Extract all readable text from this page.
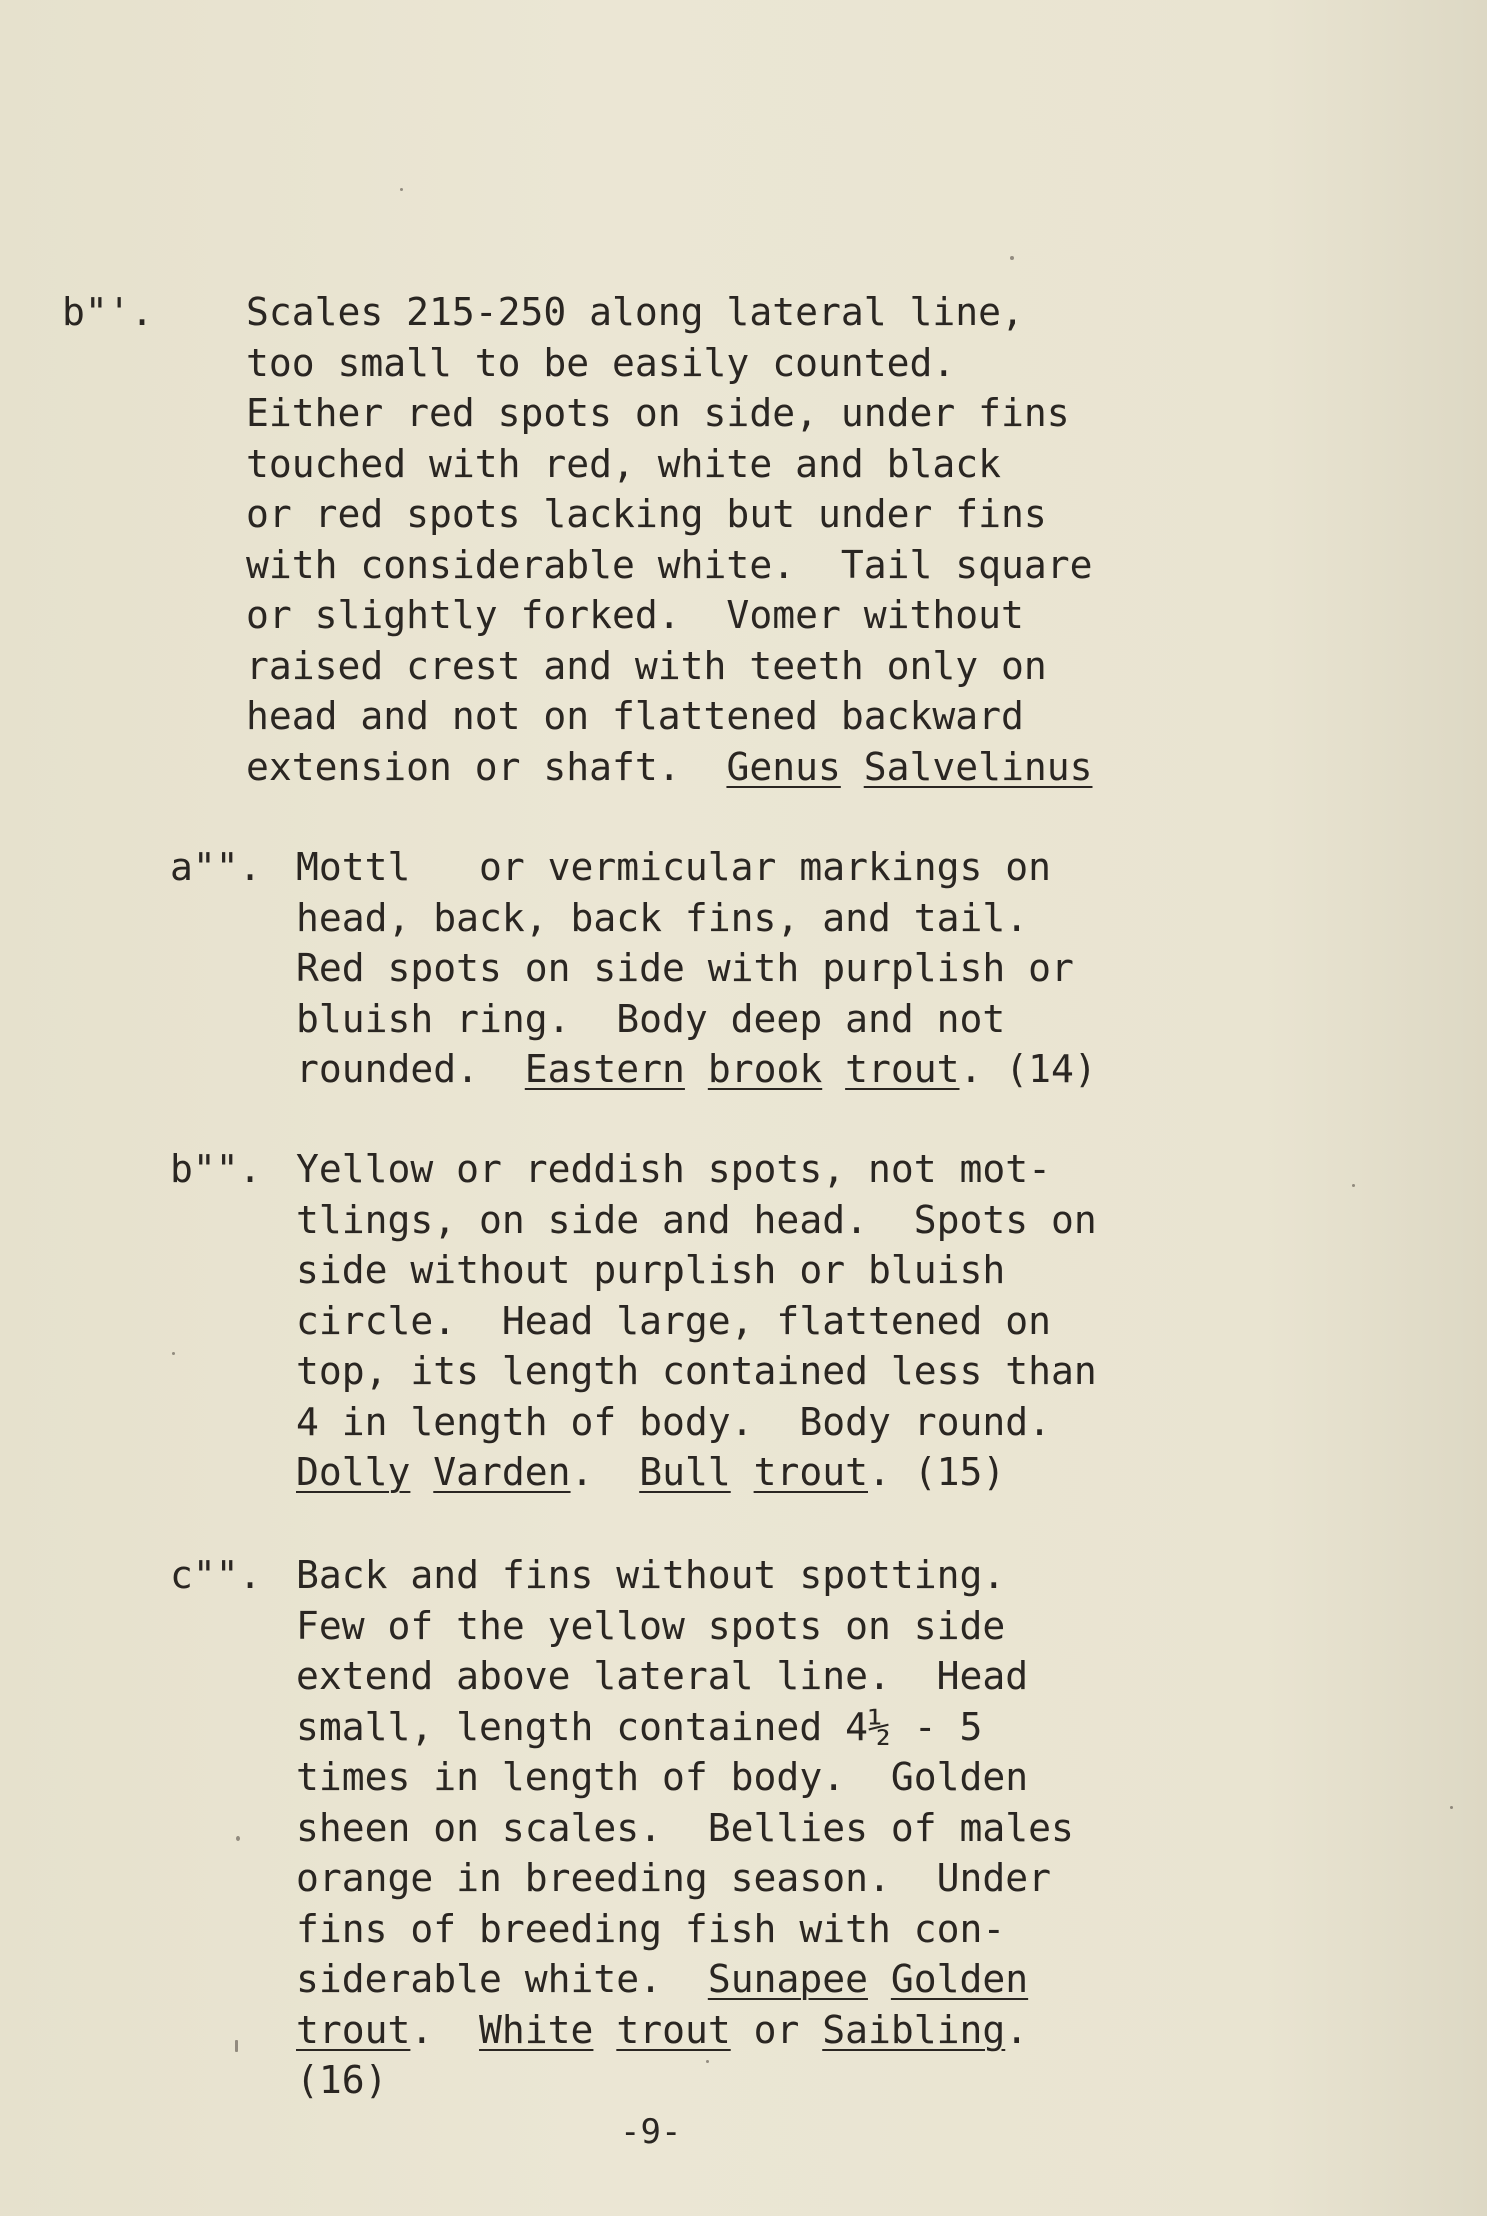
b"'. Scales 215-250 along lateral line,
too small to be easily counted.
Either red spots on side, under fins
touched with red, white and black
or red spots lacking but under fins
with considerable white.  Tail square
or slightly forked.  Vomer without
raised crest and with teeth only on
head and not on flattened backward
extension or shaft.  Genus Salvelinus
a"". Mottl   or vermicular markings on
head, back, back fins, and tail.
Red spots on side with purplish or
bluish ring.  Body deep and not
rounded.  Eastern brook trout. (14)
b"". Yellow or reddish spots, not mot-
tlings, on side and head.  Spots on
side without purplish or bluish
circle.  Head large, flattened on
top, its length contained less than
4 in length of body.  Body round.
Dolly Varden.  Bull trout. (15)
c"". Back and fins without spotting.
Few of the yellow spots on side
extend above lateral line.  Head
small, length contained 4½ - 5
times in length of body.  Golden
sheen on scales.  Bellies of males
orange in breeding season.  Under
fins of breeding fish with con-
siderable white.  Sunapee Golden
trout.  White trout or Saibling.
(16)
-9-
